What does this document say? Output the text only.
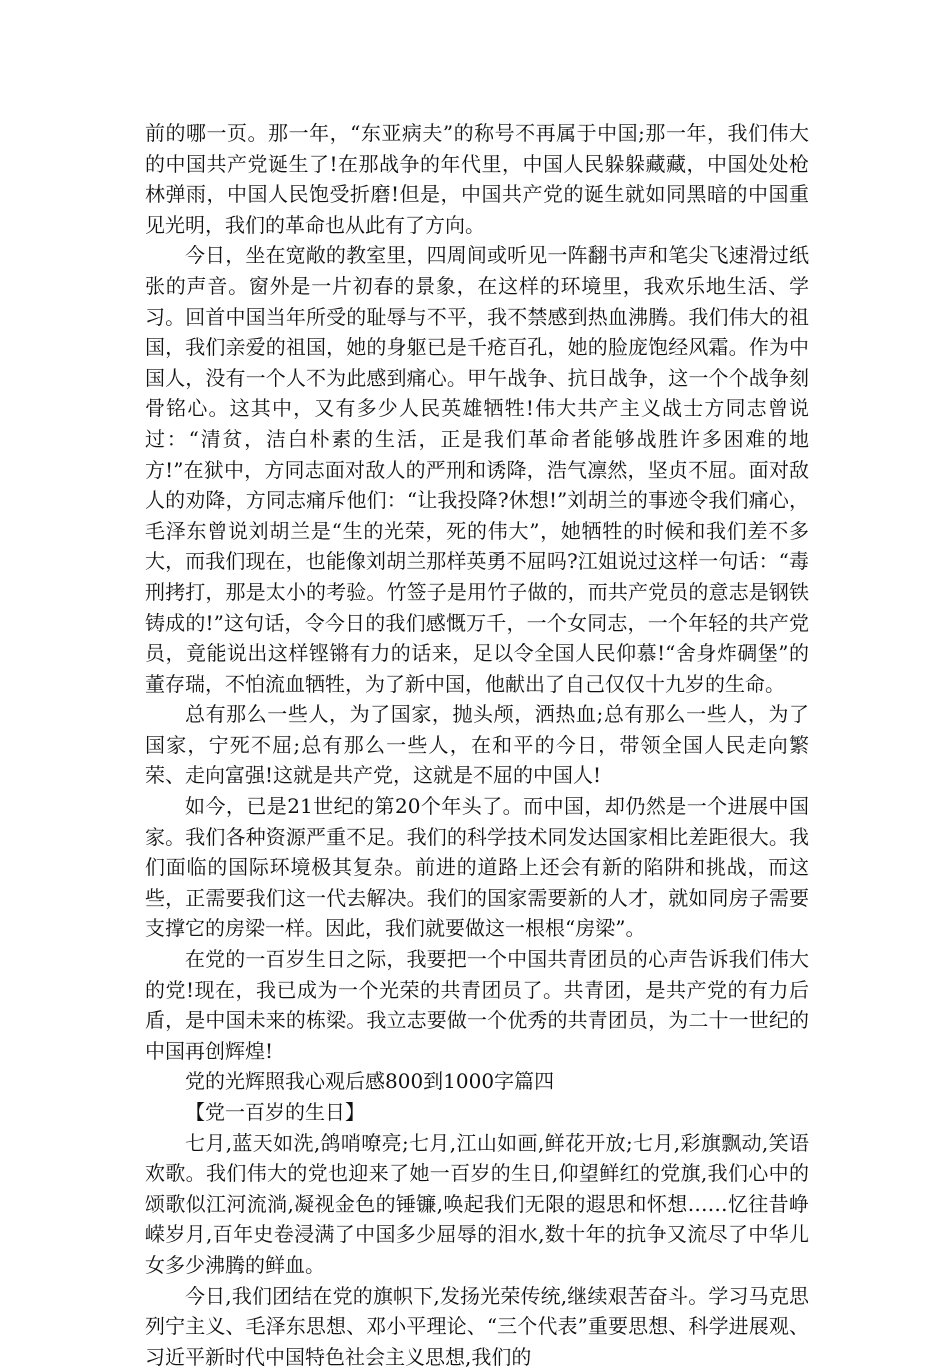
前的哪一页。那一年，“东亚病夫”的称号不再属于中国;那一年，我们伟大的中国共产党诞生了!在那战争的年代里，中国人民躲躲藏藏，中国处处枪林弹雨，中国人民饱受折磨!但是，中国共产党的诞生就如同黑暗的中国重见光明，我们的革命也从此有了方向。

今日，坐在宽敞的教室里，四周间或听见一阵翻书声和笔尖飞速滑过纸张的声音。窗外是一片初春的景象，在这样的环境里，我欢乐地生活、学习。回首中国当年所受的耻辱与不平，我不禁感到热血沸腾。我们伟大的祖国，我们亲爱的祖国，她的身躯已是千疮百孔，她的脸庞饱经风霜。作为中国人，没有一个人不为此感到痛心。甲午战争、抗日战争，这一个个战争刻骨铭心。这其中，又有多少人民英雄牺牲!伟大共产主义战士方同志曾说过：“清贫，洁白朴素的生活，正是我们革命者能够战胜许多困难的地方!”在狱中，方同志面对敌人的严刑和诱降，浩气凛然，坚贞不屈。面对敌人的劝降，方同志痛斥他们：“让我投降?休想!”刘胡兰的事迹令我们痛心，毛泽东曾说刘胡兰是“生的光荣，死的伟大”，她牺牲的时候和我们差不多大，而我们现在，也能像刘胡兰那样英勇不屈吗?江姐说过这样一句话：“毒刑拷打，那是太小的考验。竹签子是用竹子做的，而共产党员的意志是钢铁铸成的!”这句话，令今日的我们感慨万千，一个女同志，一个年轻的共产党员，竟能说出这样铿锵有力的话来，足以令全国人民仰慕!“舍身炸碉堡”的董存瑞，不怕流血牺牲，为了新中国，他献出了自己仅仅十九岁的生命。

总有那么一些人，为了国家，抛头颅，洒热血;总有那么一些人，为了国家，宁死不屈;总有那么一些人，在和平的今日，带领全国人民走向繁荣、走向富强!这就是共产党，这就是不屈的中国人!

如今，已是21世纪的第20个年头了。而中国，却仍然是一个进展中国家。我们各种资源严重不足。我们的科学技术同发达国家相比差距很大。我们面临的国际环境极其复杂。前进的道路上还会有新的陷阱和挑战，而这些，正需要我们这一代去解决。我们的国家需要新的人才，就如同房子需要支撑它的房梁一样。因此，我们就要做这一根根“房梁”。

在党的一百岁生日之际，我要把一个中国共青团员的心声告诉我们伟大的党!现在，我已成为一个光荣的共青团员了。共青团，是共产党的有力后盾，是中国未来的栋梁。我立志要做一个优秀的共青团员，为二十一世纪的中国再创辉煌!

党的光辉照我心观后感800到1000字篇四

【党一百岁的生日】

七月,蓝天如洗,鸽哨嘹亮;七月,江山如画,鲜花开放;七月,彩旗飘动,笑语欢歌。我们伟大的党也迎来了她一百岁的生日,仰望鲜红的党旗,我们心中的颂歌似江河流淌,凝视金色的锤镰,唤起我们无限的遐思和怀想……忆往昔峥嵘岁月,百年史卷浸满了中国多少屈辱的泪水,数十年的抗争又流尽了中华儿女多少沸腾的鲜血。

今日,我们团结在党的旗帜下,发扬光荣传统,继续艰苦奋斗。学习马克思列宁主义、毛泽东思想、邓小平理论、“三个代表”重要思想、科学进展观、习近平新时代中国特色社会主义思想,我们的
